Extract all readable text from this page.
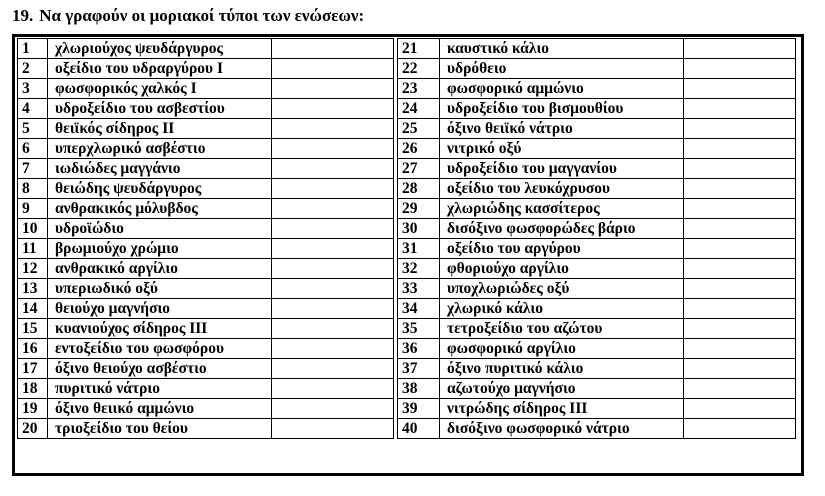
19. Να γραφούν οι μοριακοί τύποι των ενώσεων:
1	χλωριούχος ψευδάργυρος			21	καυστικό κάλιο	
2	οξείδιο του υδραργύρου Ι			22	υδρόθειο	
3	φωσφορικός χαλκός Ι			23	φωσφορικό αμμώνιο	
4	υδροξείδιο του ασβεστίου			24	υδροξείδιο του βισμουθίου	
5	θειϊκός σίδηρος ΙΙ			25	όξινο θειϊκό νάτριο	
6	υπερχλωρικό ασβέστιο			26	νιτρικό οξύ	
7	ιωδιώδες μαγγάνιο			27	υδροξείδιο του μαγγανίου	
8	θειώδης ψευδάργυρος			28	οξείδιο του λευκόχρυσου	
9	ανθρακικός μόλυβδος			29	χλωριώδης κασσίτερος	
10	υδροϊώδιο			30	δισόξινο φωσφορώδες βάριο	
11	βρωμιούχο χρώμιο			31	οξείδιο του αργύρου	
12	ανθρακικό αργίλιο			32	φθοριούχο αργίλιο	
13	υπεριωδικό οξύ			33	υποχλωριώδες οξύ	
14	θειούχο μαγνήσιο			34	χλωρικό κάλιο	
15	κυανιούχος σίδηρος ΙΙΙ			35	τετροξείδιο του αζώτου	
16	εντοξείδιο του φωσφόρου			36	φωσφορικό αργίλιο	
17	όξινο θειούχο ασβέστιο			37	όξινο πυριτικό κάλιο	
18	πυριτικό νάτριο			38	αζωτούχο μαγνήσιο	
19	όξινο θειικό αμμώνιο			39	νιτρώδης σίδηρος ΙΙΙ	
20	τριοξείδιο του θείου			40	δισόξινο φωσφορικό νάτριο	
